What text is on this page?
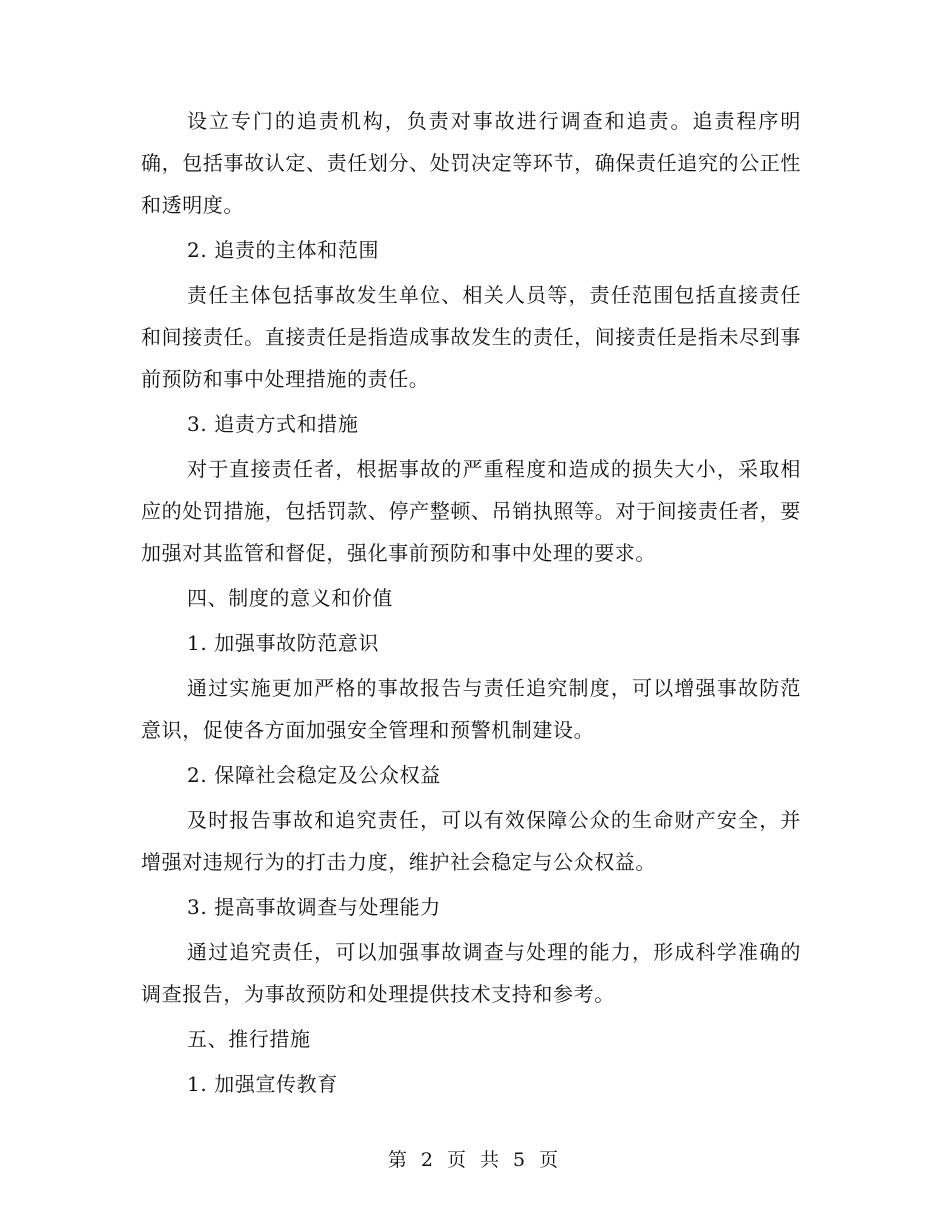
设立专门的追责机构，负责对事故进行调查和追责。追责程序明确，包括事故认定、责任划分、处罚决定等环节，确保责任追究的公正性和透明度。

2. 追责的主体和范围

责任主体包括事故发生单位、相关人员等，责任范围包括直接责任和间接责任。直接责任是指造成事故发生的责任，间接责任是指未尽到事前预防和事中处理措施的责任。

3. 追责方式和措施

对于直接责任者，根据事故的严重程度和造成的损失大小，采取相应的处罚措施，包括罚款、停产整顿、吊销执照等。对于间接责任者，要加强对其监管和督促，强化事前预防和事中处理的要求。

四、制度的意义和价值

1. 加强事故防范意识

通过实施更加严格的事故报告与责任追究制度，可以增强事故防范意识，促使各方面加强安全管理和预警机制建设。

2. 保障社会稳定及公众权益

及时报告事故和追究责任，可以有效保障公众的生命财产安全，并增强对违规行为的打击力度，维护社会稳定与公众权益。

3. 提高事故调查与处理能力

通过追究责任，可以加强事故调查与处理的能力，形成科学准确的调查报告，为事故预防和处理提供技术支持和参考。

五、推行措施

1. 加强宣传教育

第 2 页 共 5 页
